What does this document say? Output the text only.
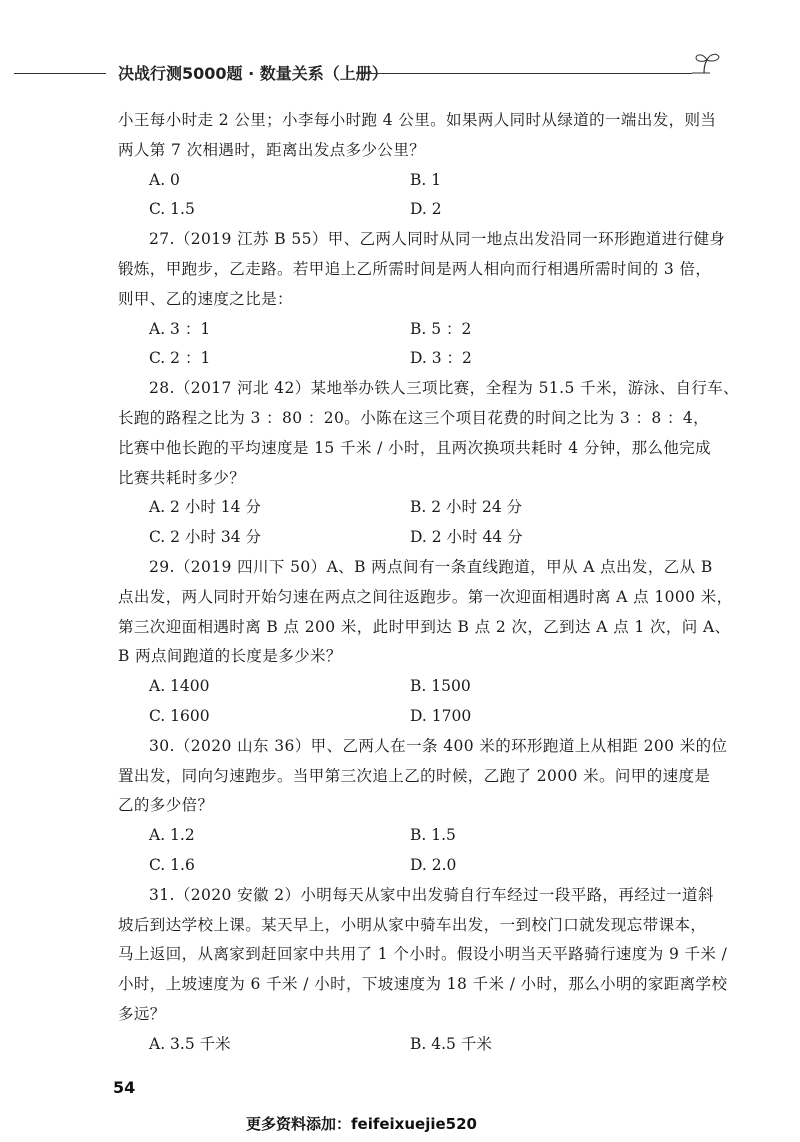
决战行测5000题 · 数量关系（上册）
小王每小时走 2 公里；小李每小时跑 4 公里。如果两人同时从绿道的一端出发，则当
两人第 7 次相遇时，距离出发点多少公里？
A. 0	B. 1
C. 1.5	D. 2
27.（2019 江苏 B 55）甲、乙两人同时从同一地点出发沿同一环形跑道进行健身
锻炼，甲跑步，乙走路。若甲追上乙所需时间是两人相向而行相遇所需时间的 3 倍，
则甲、乙的速度之比是：
A. 3 ：1	B. 5 ：2
C. 2 ：1	D. 3 ：2
28.（2017 河北 42）某地举办铁人三项比赛，全程为 51.5 千米，游泳、自行车、
长跑的路程之比为 3 ：80 ：20。小陈在这三个项目花费的时间之比为 3 ：8 ：4，
比赛中他长跑的平均速度是 15 千米 / 小时，且两次换项共耗时 4 分钟，那么他完成
比赛共耗时多少？
A. 2 小时 14 分	B. 2 小时 24 分
C. 2 小时 34 分	D. 2 小时 44 分
29.（2019 四川下 50）A、B 两点间有一条直线跑道，甲从 A 点出发，乙从 B
点出发，两人同时开始匀速在两点之间往返跑步。第一次迎面相遇时离 A 点 1000 米，
第三次迎面相遇时离 B 点 200 米，此时甲到达 B 点 2 次，乙到达 A 点 1 次，问 A、
B 两点间跑道的长度是多少米？
A. 1400	B. 1500
C. 1600	D. 1700
30.（2020 山东 36）甲、乙两人在一条 400 米的环形跑道上从相距 200 米的位
置出发，同向匀速跑步。当甲第三次追上乙的时候，乙跑了 2000 米。问甲的速度是
乙的多少倍？
A. 1.2	B. 1.5
C. 1.6	D. 2.0
31.（2020 安徽 2）小明每天从家中出发骑自行车经过一段平路，再经过一道斜
坡后到达学校上课。某天早上，小明从家中骑车出发，一到校门口就发现忘带课本，
马上返回，从离家到赶回家中共用了 1 个小时。假设小明当天平路骑行速度为 9 千米 /
小时，上坡速度为 6 千米 / 小时，下坡速度为 18 千米 / 小时，那么小明的家距离学校
多远？
A. 3.5 千米	B. 4.5 千米
54
更多资料添加：feifeixuejie520
